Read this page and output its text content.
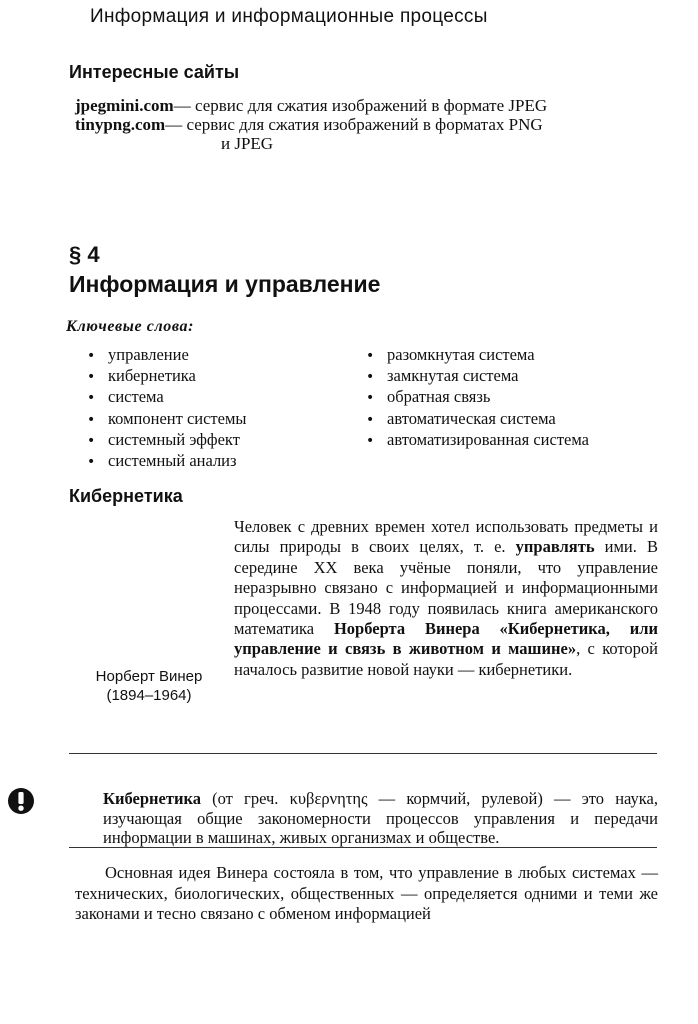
Информация и информационные процессы
Интересные сайты
jpegmini.com — сервис для сжатия изображений в формате JPEG
tinypng.com — сервис для сжатия изображений в форматах PNG
и JPEG
§ 4
Информация и управление
Ключевые слова:
• управление
• кибернетика
• система
• компонент системы
• системный эффект
• системный анализ
• разомкнутая система
• замкнутая система
• обратная связь
• автоматическая система
• автоматизированная система
Кибернетика
Человек с древних времен хотел использовать предметы и силы природы в своих целях, т. е. управлять ими. В середине XX века учёные поняли, что управление неразрывно связано с информацией и информационными процессами. В 1948 году появилась книга американского математика Норберта Винера «Кибернетика, или управление и связь в животном и машине», с которой началось развитие новой науки — кибернетики.
Норберт Винер
(1894–1964)

Кибернетика (от греч. κυβερνητης — кормчий, рулевой) — это наука, изучающая общие закономерности процессов управления и передачи информации в машинах, живых организмах и обществе.

Основная идея Винера состояла в том, что управление в любых системах — технических, биологических, общественных — определяется одними и теми же законами и тесно связано с обменом информацией
